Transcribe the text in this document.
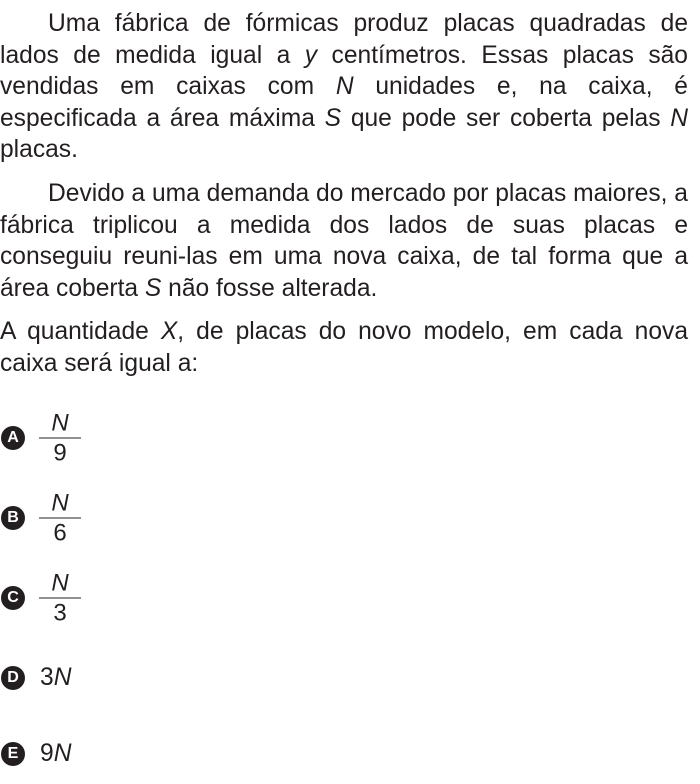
Uma fábrica de fórmicas produz placas quadradas de lados de medida igual a y centímetros. Essas placas são vendidas em caixas com N unidades e, na caixa, é especificada a área máxima S que pode ser coberta pelas N placas.

Devido a uma demanda do mercado por placas maiores, a fábrica triplicou a medida dos lados de suas placas e conseguiu reuni-las em uma nova caixa, de tal forma que a área coberta S não fosse alterada.

A quantidade X, de placas do novo modelo, em cada nova caixa será igual a:

A $\frac{N}{9}$
B $\frac{N}{6}$
C $\frac{N}{3}$
D 3N
E 9N
